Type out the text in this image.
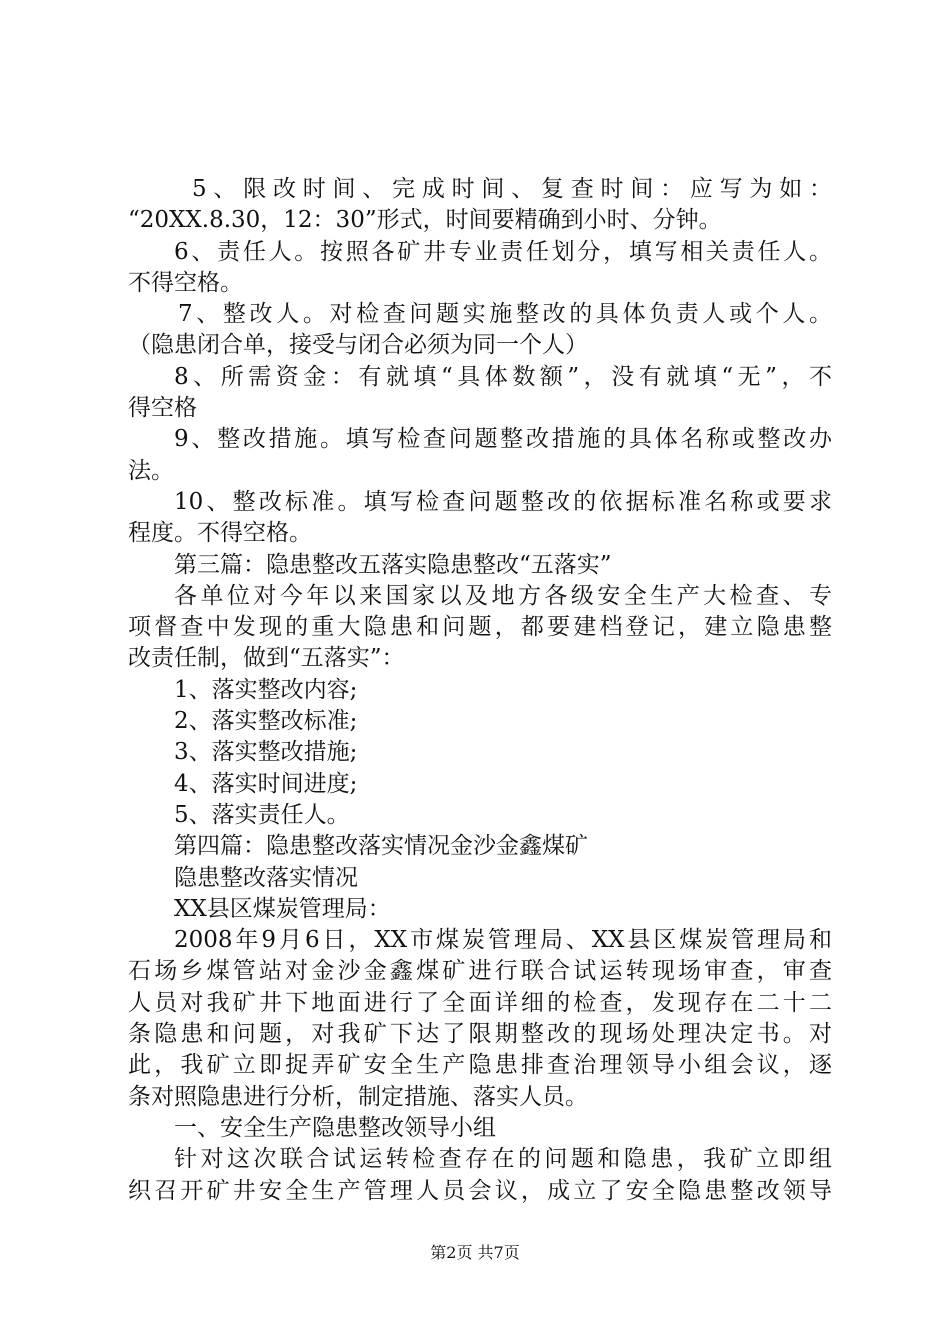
5、限改时间、完成时间、复查时间：应写为如：
“20XX.8.30，12：30”形式，时间要精确到小时、分钟。
6、责任人。按照各矿井专业责任划分，填写相关责任人。
不得空格。
7、整改人。对检查问题实施整改的具体负责人或个人。
（隐患闭合单，接受与闭合必须为同一个人）
8、所需资金：有就填“具体数额”，没有就填“无”，不
得空格
9、整改措施。填写检查问题整改措施的具体名称或整改办
法。
10、整改标准。填写检查问题整改的依据标准名称或要求
程度。不得空格。
第三篇：隐患整改五落实隐患整改“五落实”
各单位对今年以来国家以及地方各级安全生产大检查、专
项督查中发现的重大隐患和问题，都要建档登记，建立隐患整
改责任制，做到“五落实”：
1、落实整改内容;
2、落实整改标准;
3、落实整改措施;
4、落实时间进度;
5、落实责任人。
第四篇：隐患整改落实情况金沙金鑫煤矿
隐患整改落实情况
XX县区煤炭管理局：
2008年9月6日，XX市煤炭管理局、XX县区煤炭管理局和
石场乡煤管站对金沙金鑫煤矿进行联合试运转现场审查，审查
人员对我矿井下地面进行了全面详细的检查，发现存在二十二
条隐患和问题，对我矿下达了限期整改的现场处理决定书。对
此，我矿立即捉弄矿安全生产隐患排查治理领导小组会议，逐
条对照隐患进行分析，制定措施、落实人员。
一、安全生产隐患整改领导小组
针对这次联合试运转检查存在的问题和隐患，我矿立即组
织召开矿井安全生产管理人员会议，成立了安全隐患整改领导
第2页 共7页
